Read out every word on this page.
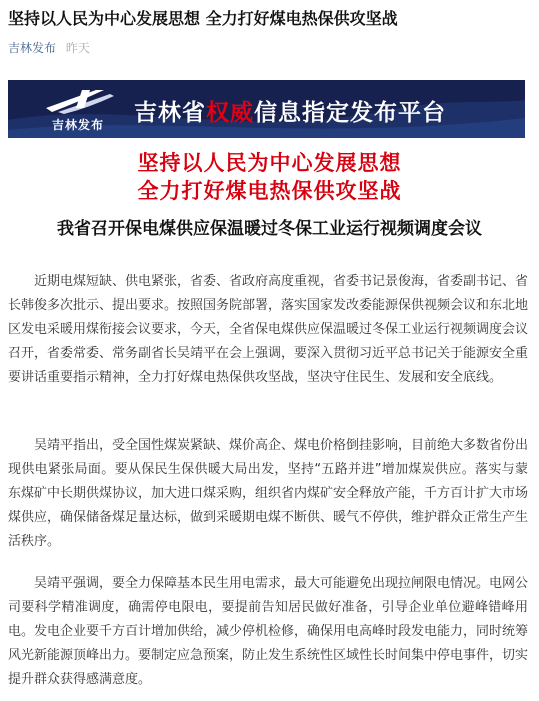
坚持以人民为中心发展思想 全力打好煤电热保供攻坚战
吉林发布 昨天
吉林发布	吉林省权威信息指定发布平台
坚持以人民为中心发展思想
全力打好煤电热保供攻坚战
我省召开保电煤供应保温暖过冬保工业运行视频调度会议

近期电煤短缺、供电紧张，省委、省政府高度重视，省委书记景俊海，省委副书记、省长韩俊多次批示、提出要求。按照国务院部署，落实国家发改委能源保供视频会议和东北地区发电采暖用煤衔接会议要求，今天，全省保电煤供应保温暖过冬保工业运行视频调度会议召开，省委常委、常务副省长吴靖平在会上强调，要深入贯彻习近平总书记关于能源安全重要讲话重要指示精神，全力打好煤电热保供攻坚战，坚决守住民生、发展和安全底线。

吴靖平指出，受全国性煤炭紧缺、煤价高企、煤电价格倒挂影响，目前绝大多数省份出现供电紧张局面。要从保民生保供暖大局出发，坚持“五路并进”增加煤炭供应。落实与蒙东煤矿中长期供煤协议，加大进口煤采购，组织省内煤矿安全释放产能，千方百计扩大市场煤供应，确保储备煤足量达标，做到采暖期电煤不断供、暖气不停供，维护群众正常生产生活秩序。

吴靖平强调，要全力保障基本民生用电需求，最大可能避免出现拉闸限电情况。电网公司要科学精准调度，确需停电限电，要提前告知居民做好准备，引导企业单位避峰错峰用电。发电企业要千方百计增加供给，减少停机检修，确保用电高峰时段发电能力，同时统筹风光新能源顶峰出力。要制定应急预案，防止发生系统性区域性长时间集中停电事件，切实提升群众获得感满意度。
